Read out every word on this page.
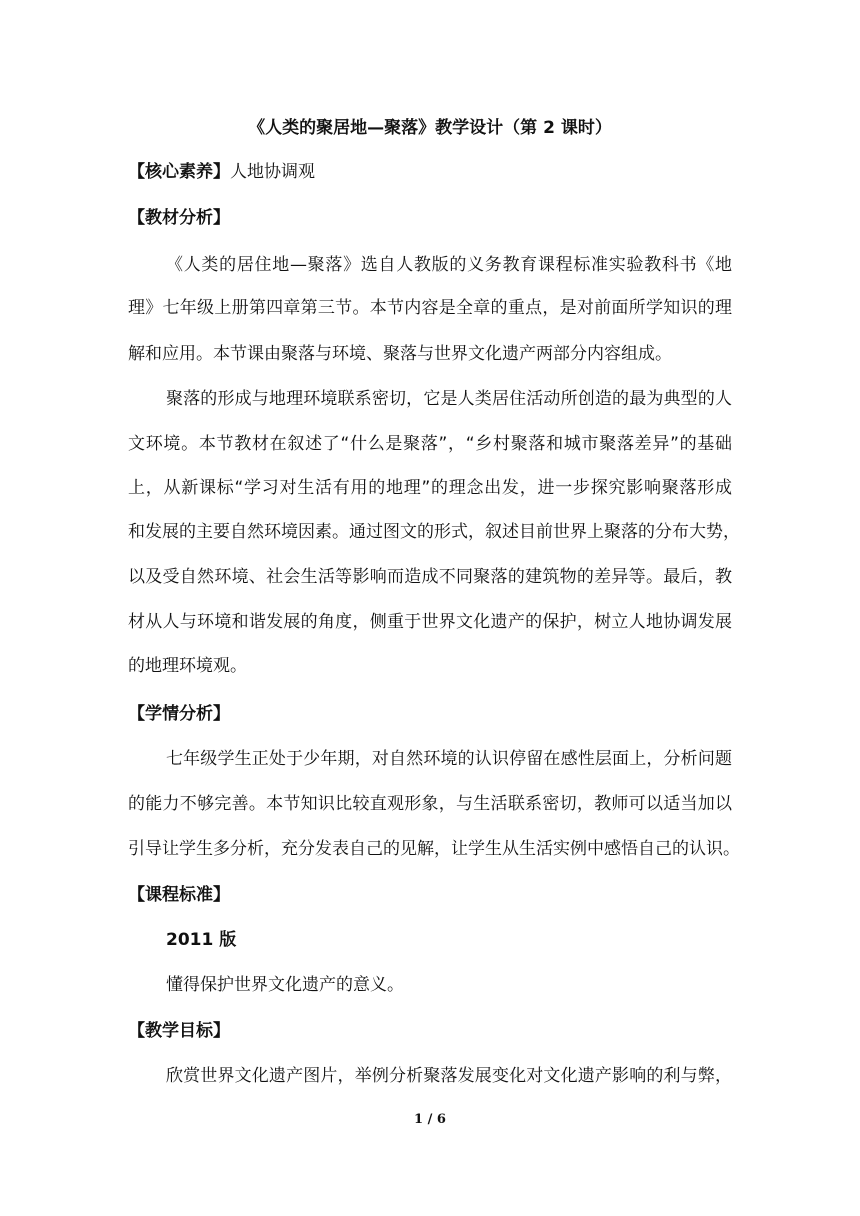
《人类的聚居地—聚落》教学设计（第 2 课时）
【核心素养】人地协调观
【教材分析】
《人类的居住地—聚落》选自人教版的义务教育课程标准实验教科书《地
理》七年级上册第四章第三节。本节内容是全章的重点，是对前面所学知识的理
解和应用。本节课由聚落与环境、聚落与世界文化遗产两部分内容组成。
聚落的形成与地理环境联系密切，它是人类居住活动所创造的最为典型的人
文环境。本节教材在叙述了“什么是聚落”，“乡村聚落和城市聚落差异”的基础
上，从新课标“学习对生活有用的地理”的理念出发，进一步探究影响聚落形成
和发展的主要自然环境因素。通过图文的形式，叙述目前世界上聚落的分布大势，
以及受自然环境、社会生活等影响而造成不同聚落的建筑物的差异等。最后，教
材从人与环境和谐发展的角度，侧重于世界文化遗产的保护，树立人地协调发展
的地理环境观。
【学情分析】
七年级学生正处于少年期，对自然环境的认识停留在感性层面上，分析问题
的能力不够完善。本节知识比较直观形象，与生活联系密切，教师可以适当加以
引导让学生多分析，充分发表自己的见解，让学生从生活实例中感悟自己的认识。
【课程标准】
2011 版
懂得保护世界文化遗产的意义。
【教学目标】
欣赏世界文化遗产图片，举例分析聚落发展变化对文化遗产影响的利与弊，
1 / 6
